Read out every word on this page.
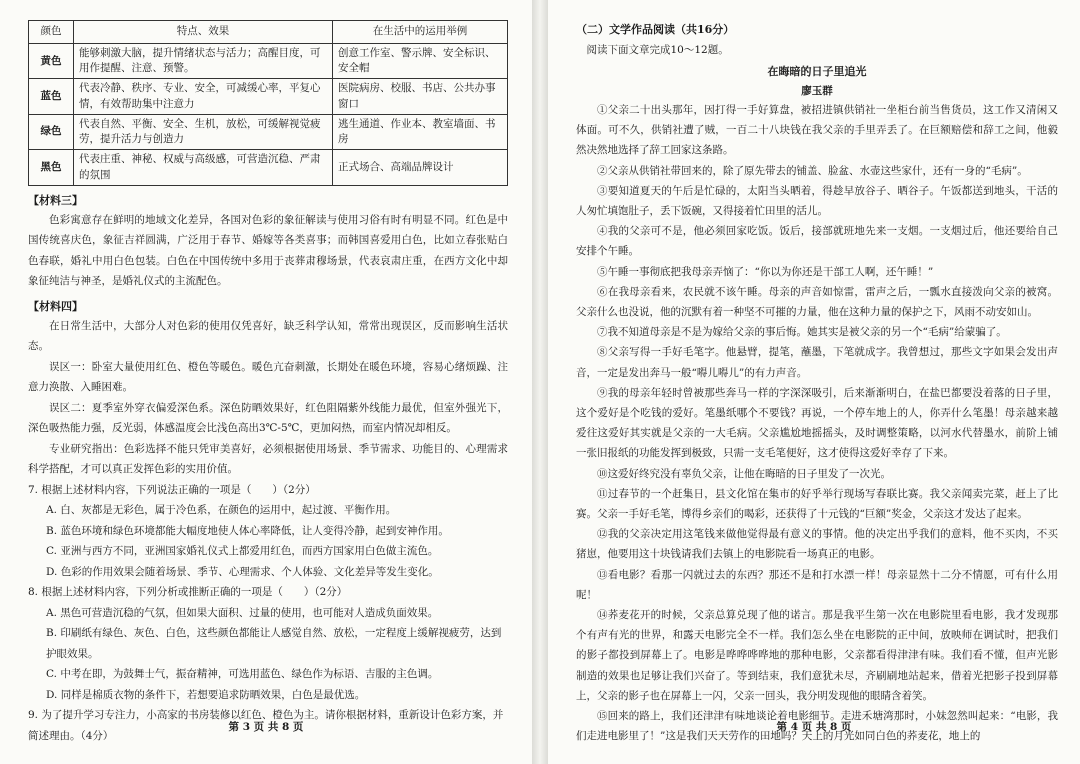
颜色	特点、效果	在生活中的运用举例
黄色	能够刺激大脑，提升情绪状态与活力；高醒目度，可用作提醒、注意、预警。	创意工作室、警示牌、安全标识、安全帽
蓝色	代表冷静、秩序、专业、安全，可减缓心率，平复心情，有效帮助集中注意力	医院病房、校服、书店、公共办事窗口
绿色	代表自然、平衡、安全、生机，放松，可缓解视觉疲劳，提升活力与创造力	逃生通道、作业本、教室墙面、书房
黑色	代表庄重、神秘、权威与高级感，可营造沉稳、严肃的氛围	正式场合、高端品牌设计
【材料三】

色彩寓意存在鲜明的地域文化差异，各国对色彩的象征解读与使用习俗有时有明显不同。红色是中国传统喜庆色，象征吉祥圆满，广泛用于春节、婚嫁等各类喜事；而韩国喜爱用白色，比如立春张贴白色春联，婚礼中用白色包装。白色在中国传统中多用于丧葬肃穆场景，代表哀肃庄重，在西方文化中却象征纯洁与神圣，是婚礼仪式的主流配色。

【材料四】

在日常生活中，大部分人对色彩的使用仅凭喜好，缺乏科学认知，常常出现误区，反而影响生活状态。

误区一：卧室大量使用红色、橙色等暖色。暖色亢奋刺激，长期处在暖色环境，容易心绪烦躁、注意力涣散、入睡困难。

误区二：夏季室外穿衣偏爱深色系。深色防晒效果好，红色阻隔紫外线能力最优，但室外强光下，深色吸热能力强，反光弱，体感温度会比浅色高出3℃-5℃，更加闷热，而室内情况却相反。

专业研究指出：色彩选择不能只凭审美喜好，必须根据使用场景、季节需求、功能目的、心理需求科学搭配，才可以真正发挥色彩的实用价值。

7. 根据上述材料内容，下列说法正确的一项是（　　）（2分）

A. 白、灰都是无彩色，属于冷色系，在颜色的运用中，起过渡、平衡作用。

B. 蓝色环境和绿色环境都能大幅度地使人体心率降低，让人变得冷静，起到安神作用。

C. 亚洲与西方不同，亚洲国家婚礼仪式上都爱用红色，而西方国家用白色做主流色。

D. 色彩的作用效果会随着场景、季节、心理需求、个人体验、文化差异等发生变化。

8. 根据上述材料内容，下列分析或推断正确的一项是（　　）（2分）

A. 黑色可营造沉稳的气氛，但如果大面积、过量的使用，也可能对人造成负面效果。

B. 印刷纸有绿色、灰色、白色，这些颜色都能让人感觉自然、放松，一定程度上缓解视疲劳，达到护眼效果。

C. 中考在即，为鼓舞士气，振奋精神，可选用蓝色、绿色作为标语、吉服的主色调。

D. 同样是棉质衣物的条件下，若想要追求防晒效果，白色是最优选。

9. 为了提升学习专注力，小高家的书房装修以红色、橙色为主。请你根据材料，重新设计色彩方案，并简述理由。（4分）

第 3 页 共 8 页
（二）文学作品阅读（共16分）
阅读下面文章完成10～12题。
在晦暗的日子里追光
廖玉群

①父亲二十出头那年，因打得一手好算盘，被招进镇供销社一坐柜台前当售货员，这工作又清闲又体面。可不久，供销社遭了贼，一百二十八块钱在我父亲的手里弄丢了。在巨额赔偿和辞工之间，他毅然决然地选择了辞工回家这条路。

②父亲从供销社带回来的，除了原先带去的铺盖、脸盆、水壶这些家什，还有一身的“毛病”。

③要知道夏天的午后是忙碌的，太阳当头晒着，得趁早放谷子、晒谷子。午饭都送到地头，干活的人匆忙填饱肚子，丢下饭碗，又得接着忙田里的活儿。

④我的父亲可不是，他必须回家吃饭。饭后，接部就班地先来一支烟。一支烟过后，他还要给自己安排个午睡。

⑤午睡一事彻底把我母亲弄恼了：“你以为你还是干部工人啊，还午睡！”

⑥在我母亲看来，农民就不该午睡。母亲的声音如惊雷，雷声之后，一瓢水直接泼向父亲的被窝。父亲什么也没说，他的沉默有着一种坚不可摧的力量，他在这种力量的保护之下，风雨不动安如山。

⑦我不知道母亲是不是为嫁给父亲的事后悔。她其实是被父亲的另一个“毛病”给蒙骗了。

⑧父亲写得一手好毛笔字。他悬臂，提笔，蘸墨，下笔就成字。我曾想过，那些文字如果会发出声音，一定是发出奔马一般“嘚儿嘚儿”的有力声音。

⑨我的母亲年轻时曾被那些奔马一样的字深深吸引，后来渐渐明白，在盐巴都要没着落的日子里，这个爱好是个吃钱的爱好。笔墨纸哪个不要钱？再说，一个停车地上的人，你弄什么笔墨！母亲越来越爱往这爱好其实就是父亲的一大毛病。父亲尴尬地摇摇头，及时调整策略，以河水代替墨水，前阶上铺一张旧报纸的功能发挥到极致，只需一支毛笔便好，这才使得这爱好幸存了下来。

⑩这爱好终究没有辜负父亲，让他在晦暗的日子里发了一次光。

⑪过春节的一个赶集日，县文化馆在集市的好乎举行现场写春联比赛。我父亲闻卖完菜，赶上了比赛。父亲一手好毛笔，博得乡亲们的喝彩，还获得了十元钱的“巨额”奖金，父亲这才发达了起来。

⑫我的父亲决定用这笔钱来做他觉得最有意义的事情。他的决定出乎我们的意料，他不买肉，不买猪崽，他要用这十块钱请我们去镇上的电影院看一场真正的电影。

⑬看电影？看那一闪就过去的东西？那还不是和打水漂一样！母亲显然十二分不情愿，可有什么用呢！

⑭荞麦花开的时候，父亲总算兑现了他的诺言。那是我平生第一次在电影院里看电影，我才发现那个有声有光的世界，和露天电影完全不一样。我们怎么坐在电影院的正中间，放映师在调试时，把我们的影子都投到屏幕上了。电影是哗哗哗哗地的那种电影，父亲都看得津津有味。我们看不懂，但声光影制造的效果也足够让我们兴奋了。等到结束，我们意犹未尽，齐刷刷地站起来，借着光把影子投到屏幕上，父亲的影子也在屏幕上一闪，父亲一回头，我分明发现他的眼睛含着笑。

⑮回来的路上，我们还津津有味地谈论着电影细节。走进禾塘湾那时，小妹忽然叫起来：“电影，我们走进电影里了！”这是我们天天劳作的田地吗？天上的月光如同白色的荞麦花，地上的

第 4 页 共 8 页
